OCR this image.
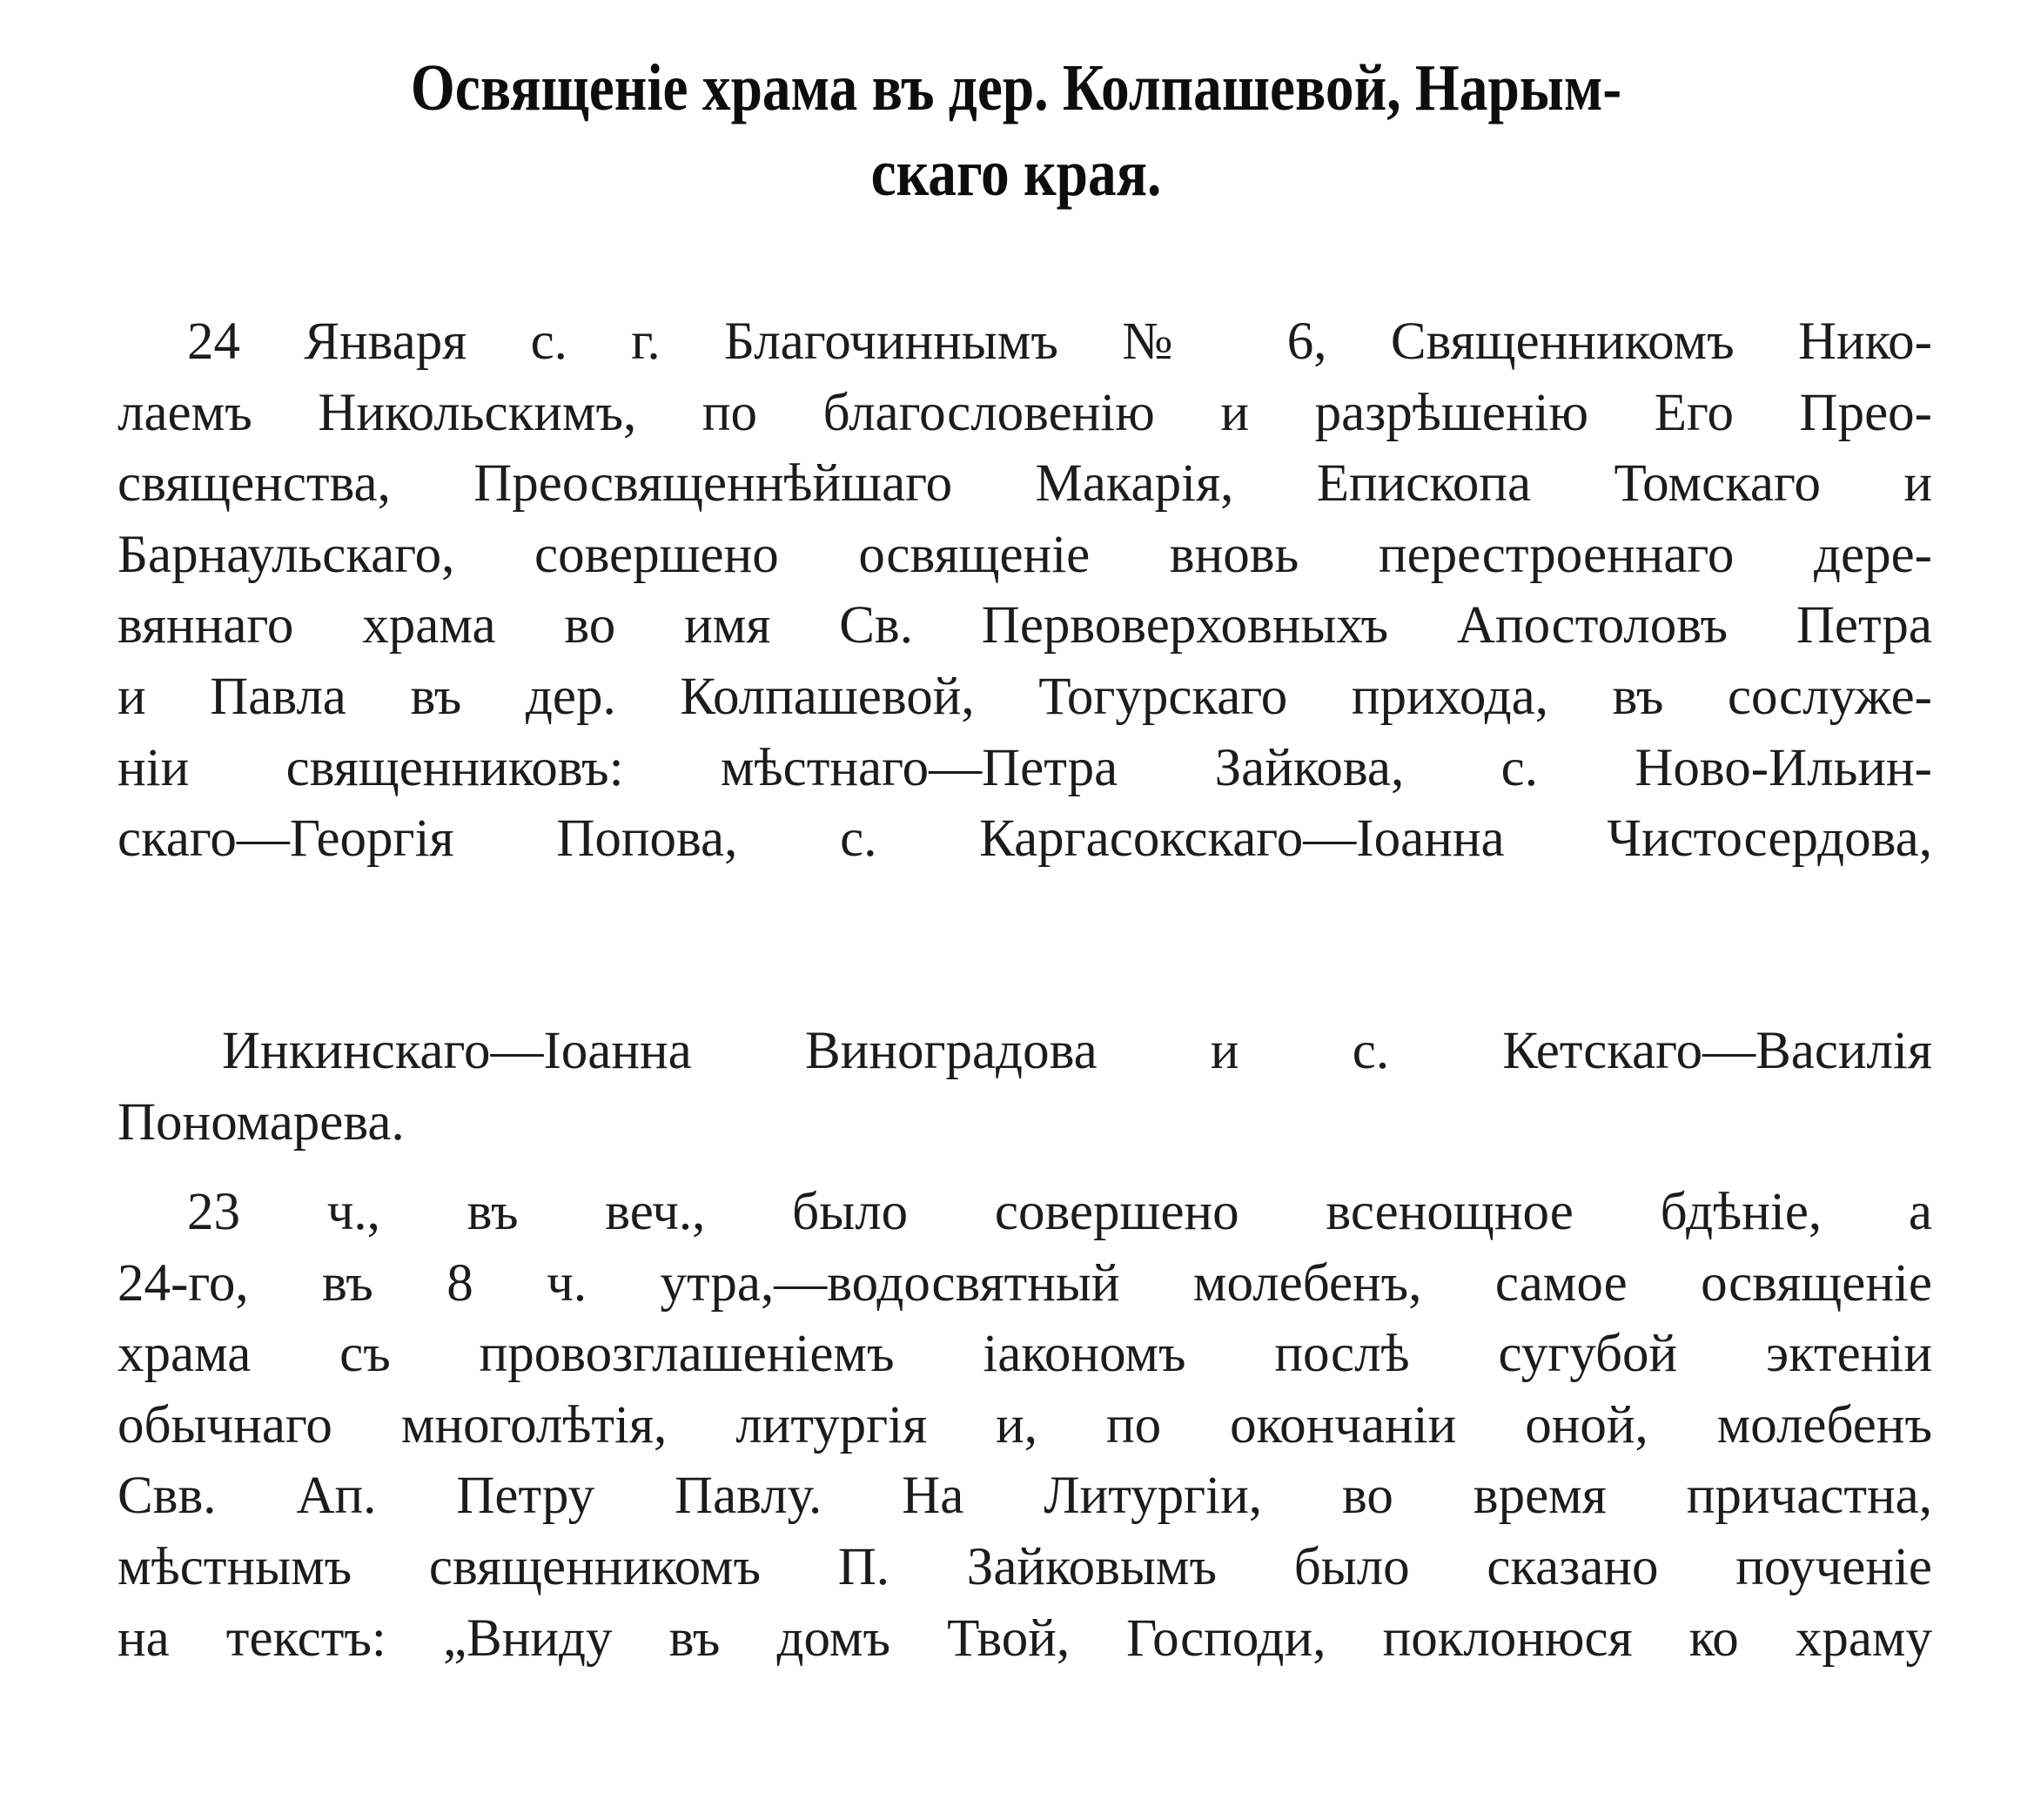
Освященіе храма въ дер. Колпашевой, Нарым-
скаго края.
24 Января с. г. Благочиннымъ № 6, Священникомъ Нико-
лаемъ Никольскимъ, по благословенію и разрѣшенію Его Прео-
священства, Преосвященнѣйшаго Макарія, Епископа Томскаго и
Барнаульскаго, совершено освященіе вновь перестроеннаго дере-
вяннаго храма во имя Св. Первоверховныхъ Апостоловъ Петра
и Павла въ дер. Колпашевой, Тогурскаго прихода, въ сослуже-
ніи священниковъ: мѣстнаго—Петра Зайкова, с. Ново-Ильин-
скаго—Георгія Попова, с. Каргасокскаго—Іоанна Чистосердова,
Инкинскаго—Іоанна Виноградова и с. Кетскаго—Василія
Пономарева.
23 ч., въ веч., было совершено всенощное бдѣніе, а
24-го, въ 8 ч. утра,—водосвятный молебенъ, самое освященіе
храма съ провозглашеніемъ іакономъ послѣ сугубой эктеніи
обычнаго многолѣтія, литургія и, по окончаніи оной, молебенъ
Свв. Ап. Петру Павлу. На Литургіи, во время причастна,
мѣстнымъ священникомъ П. Зайковымъ было сказано поученіе
на текстъ: „Вниду въ домъ Твой, Господи, поклонюся ко храму
